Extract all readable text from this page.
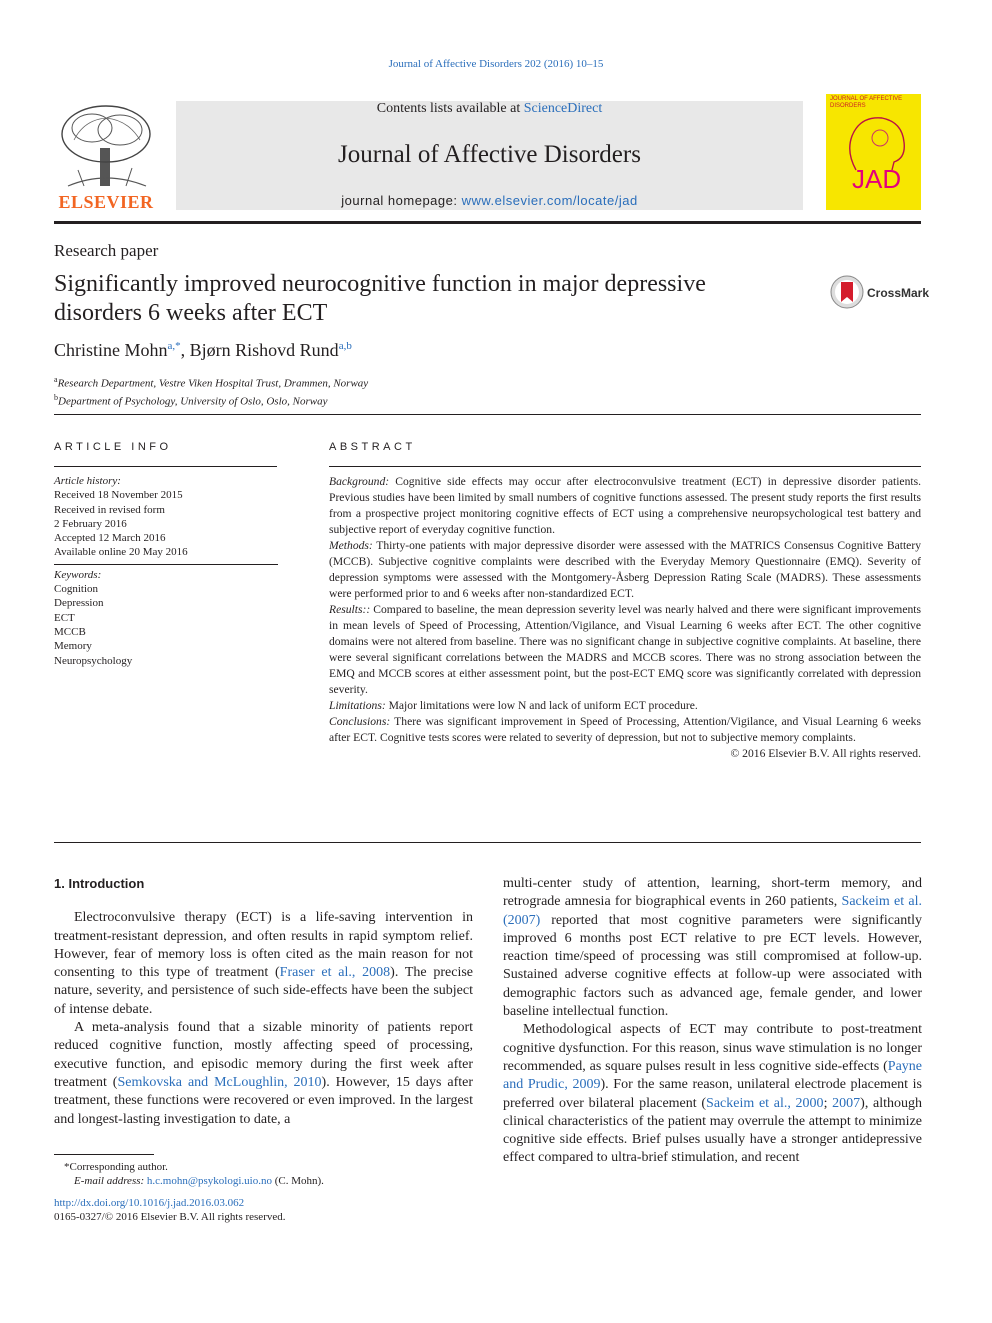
Journal of Affective Disorders 202 (2016) 10–15
ELSEVIER
Contents lists available at ScienceDirect
Journal of Affective Disorders
journal homepage: www.elsevier.com/locate/jad
JOURNAL OF AFFECTIVE DISORDERS
JAD
Research paper
Significantly improved neurocognitive function in major depressive disorders 6 weeks after ECT
CrossMark
Christine Mohn$^{a,*}$, Bjørn Rishovd Rund$^{a,b}$
$^a$Research Department, Vestre Viken Hospital Trust, Drammen, Norway
$^b$Department of Psychology, University of Oslo, Oslo, Norway
ARTICLE INFO
Article history:
Received 18 November 2015
Received in revised form
2 February 2016
Accepted 12 March 2016
Available online 20 May 2016
Keywords:
Cognition
Depression
ECT
MCCB
Memory
Neuropsychology
ABSTRACT

Background: Cognitive side effects may occur after electroconvulsive treatment (ECT) in depressive disorder patients. Previous studies have been limited by small numbers of cognitive functions assessed. The present study reports the first results from a prospective project monitoring cognitive effects of ECT using a comprehensive neuropsychological test battery and subjective report of everyday cognitive function.

Methods: Thirty-one patients with major depressive disorder were assessed with the MATRICS Consensus Cognitive Battery (MCCB). Subjective cognitive complaints were described with the Everyday Memory Questionnaire (EMQ). Severity of depression symptoms were assessed with the Montgomery-Åsberg Depression Rating Scale (MADRS). These assessments were performed prior to and 6 weeks after non-standardized ECT.

Results:: Compared to baseline, the mean depression severity level was nearly halved and there were significant improvements in mean levels of Speed of Processing, Attention/Vigilance, and Visual Learning 6 weeks after ECT. The other cognitive domains were not altered from baseline. There was no significant change in subjective cognitive complaints. At baseline, there were several significant correlations between the MADRS and MCCB scores. There was no strong association between the EMQ and MCCB scores at either assessment point, but the post-ECT EMQ score was significantly correlated with depression severity.

Limitations: Major limitations were low N and lack of uniform ECT procedure.

Conclusions: There was significant improvement in Speed of Processing, Attention/Vigilance, and Visual Learning 6 weeks after ECT. Cognitive tests scores were related to severity of depression, but not to subjective memory complaints.

© 2016 Elsevier B.V. All rights reserved.

1. Introduction

Electroconvulsive therapy (ECT) is a life-saving intervention in treatment-resistant depression, and often results in rapid symptom relief. However, fear of memory loss is often cited as the main reason for not consenting to this type of treatment (Fraser et al., 2008). The precise nature, severity, and persistence of such side-effects have been the subject of intense debate.

A meta-analysis found that a sizable minority of patients report reduced cognitive function, mostly affecting speed of processing, executive function, and episodic memory during the first week after treatment (Semkovska and McLoughlin, 2010). However, 15 days after treatment, these functions were recovered or even improved. In the largest and longest-lasting investigation to date, a

multi-center study of attention, learning, short-term memory, and retrograde amnesia for biographical events in 260 patients, Sackeim et al. (2007) reported that most cognitive parameters were significantly improved 6 months post ECT relative to pre ECT levels. However, reaction time/speed of processing was still compromised at follow-up. Sustained adverse cognitive effects at follow-up were associated with demographic factors such as advanced age, female gender, and lower baseline intellectual function.

Methodological aspects of ECT may contribute to post-treatment cognitive dysfunction. For this reason, sinus wave stimulation is no longer recommended, as square pulses result in less cognitive side-effects (Payne and Prudic, 2009). For the same reason, unilateral electrode placement is preferred over bilateral placement (Sackeim et al., 2000; 2007), although clinical characteristics of the patient may overrule the attempt to minimize cognitive side effects. Brief pulses usually have a stronger antidepressive effect compared to ultra-brief stimulation, and recent

*Corresponding author.
E-mail address: h.c.mohn@psykologi.uio.no (C. Mohn).
http://dx.doi.org/10.1016/j.jad.2016.03.062
0165-0327/© 2016 Elsevier B.V. All rights reserved.
